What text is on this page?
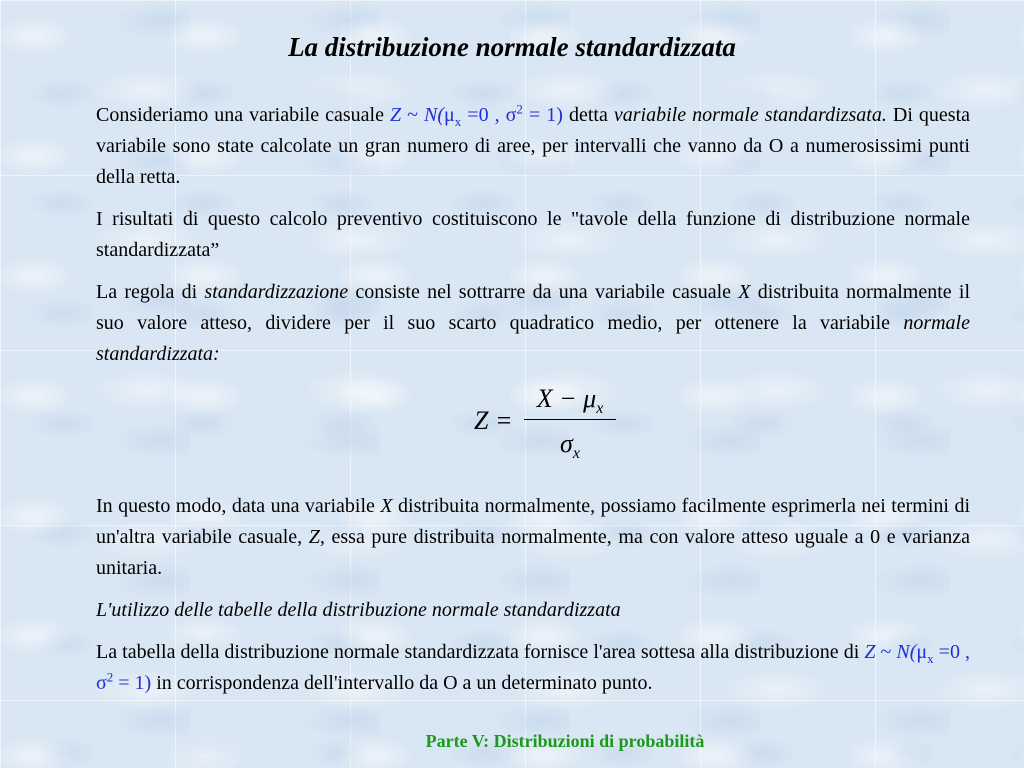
La distribuzione normale standardizzata

Consideriamo una variabile casuale Z ~ $N(\mu_x =0$ , $\sigma^2 = 1$) detta variabile normale standardizsata. Di questa variabile sono state calcolate un gran numero di aree, per intervalli che vanno da O a numerosissimi punti della retta.

I risultati di questo calcolo preventivo costituiscono le "tavole della funzione di distribuzione normale standardizzata”

La regola di standardizzazione consiste nel sottrarre da una variabile casuale X distribuita normalmente il suo valore atteso, dividere per il suo scarto quadratico medio, per ottenere la variabile normale standardizzata:

Z =
$X - \mu_x$
$\sigma_x$

In questo modo, data una variabile X distribuita normalmente, possiamo facilmente esprimerla nei termini di un'altra variabile casuale, Z, essa pure distribuita normalmente, ma con valore atteso uguale a 0 e varianza unitaria.

L'utilizzo delle tabelle della distribuzione normale standardizzata

La tabella della distribuzione normale standardizzata fornisce l'area sottesa alla distribuzione di Z ~ $N(\mu_x =0$ , $\sigma^2 = 1$) in corrispondenza dell'intervallo da O a un determinato punto.

Parte V: Distribuzioni di probabilità
